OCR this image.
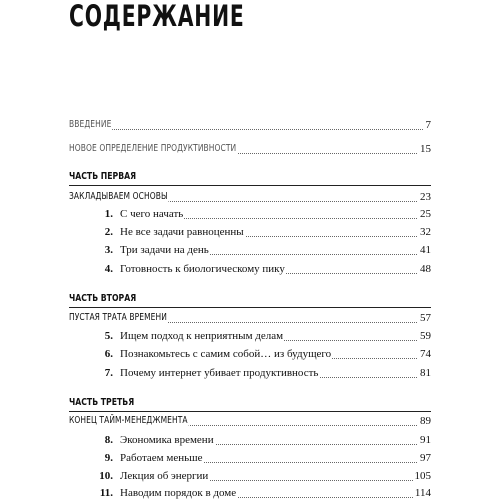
СОДЕРЖАНИЕ
ВВЕДЕНИЕ	7
НОВОЕ ОПРЕДЕЛЕНИЕ ПРОДУКТИВНОСТИ	15
ЧАСТЬ ПЕРВАЯ
ЗАКЛАДЫВАЕМ ОСНОВЫ	23
1. С чего начать	25
2. Не все задачи равноценны	32
3. Три задачи на день	41
4. Готовность к биологическому пику	48
ЧАСТЬ ВТОРАЯ
ПУСТАЯ ТРАТА ВРЕМЕНИ	57
5. Ищем подход к неприятным делам	59
6. Познакомьтесь с самим собой… из будущего	74
7. Почему интернет убивает продуктивность	81
ЧАСТЬ ТРЕТЬЯ
КОНЕЦ ТАЙМ-МЕНЕДЖМЕНТА	89
8. Экономика времени	91
9. Работаем меньше	97
10. Лекция об энергии	105
11. Наводим порядок в доме	114
